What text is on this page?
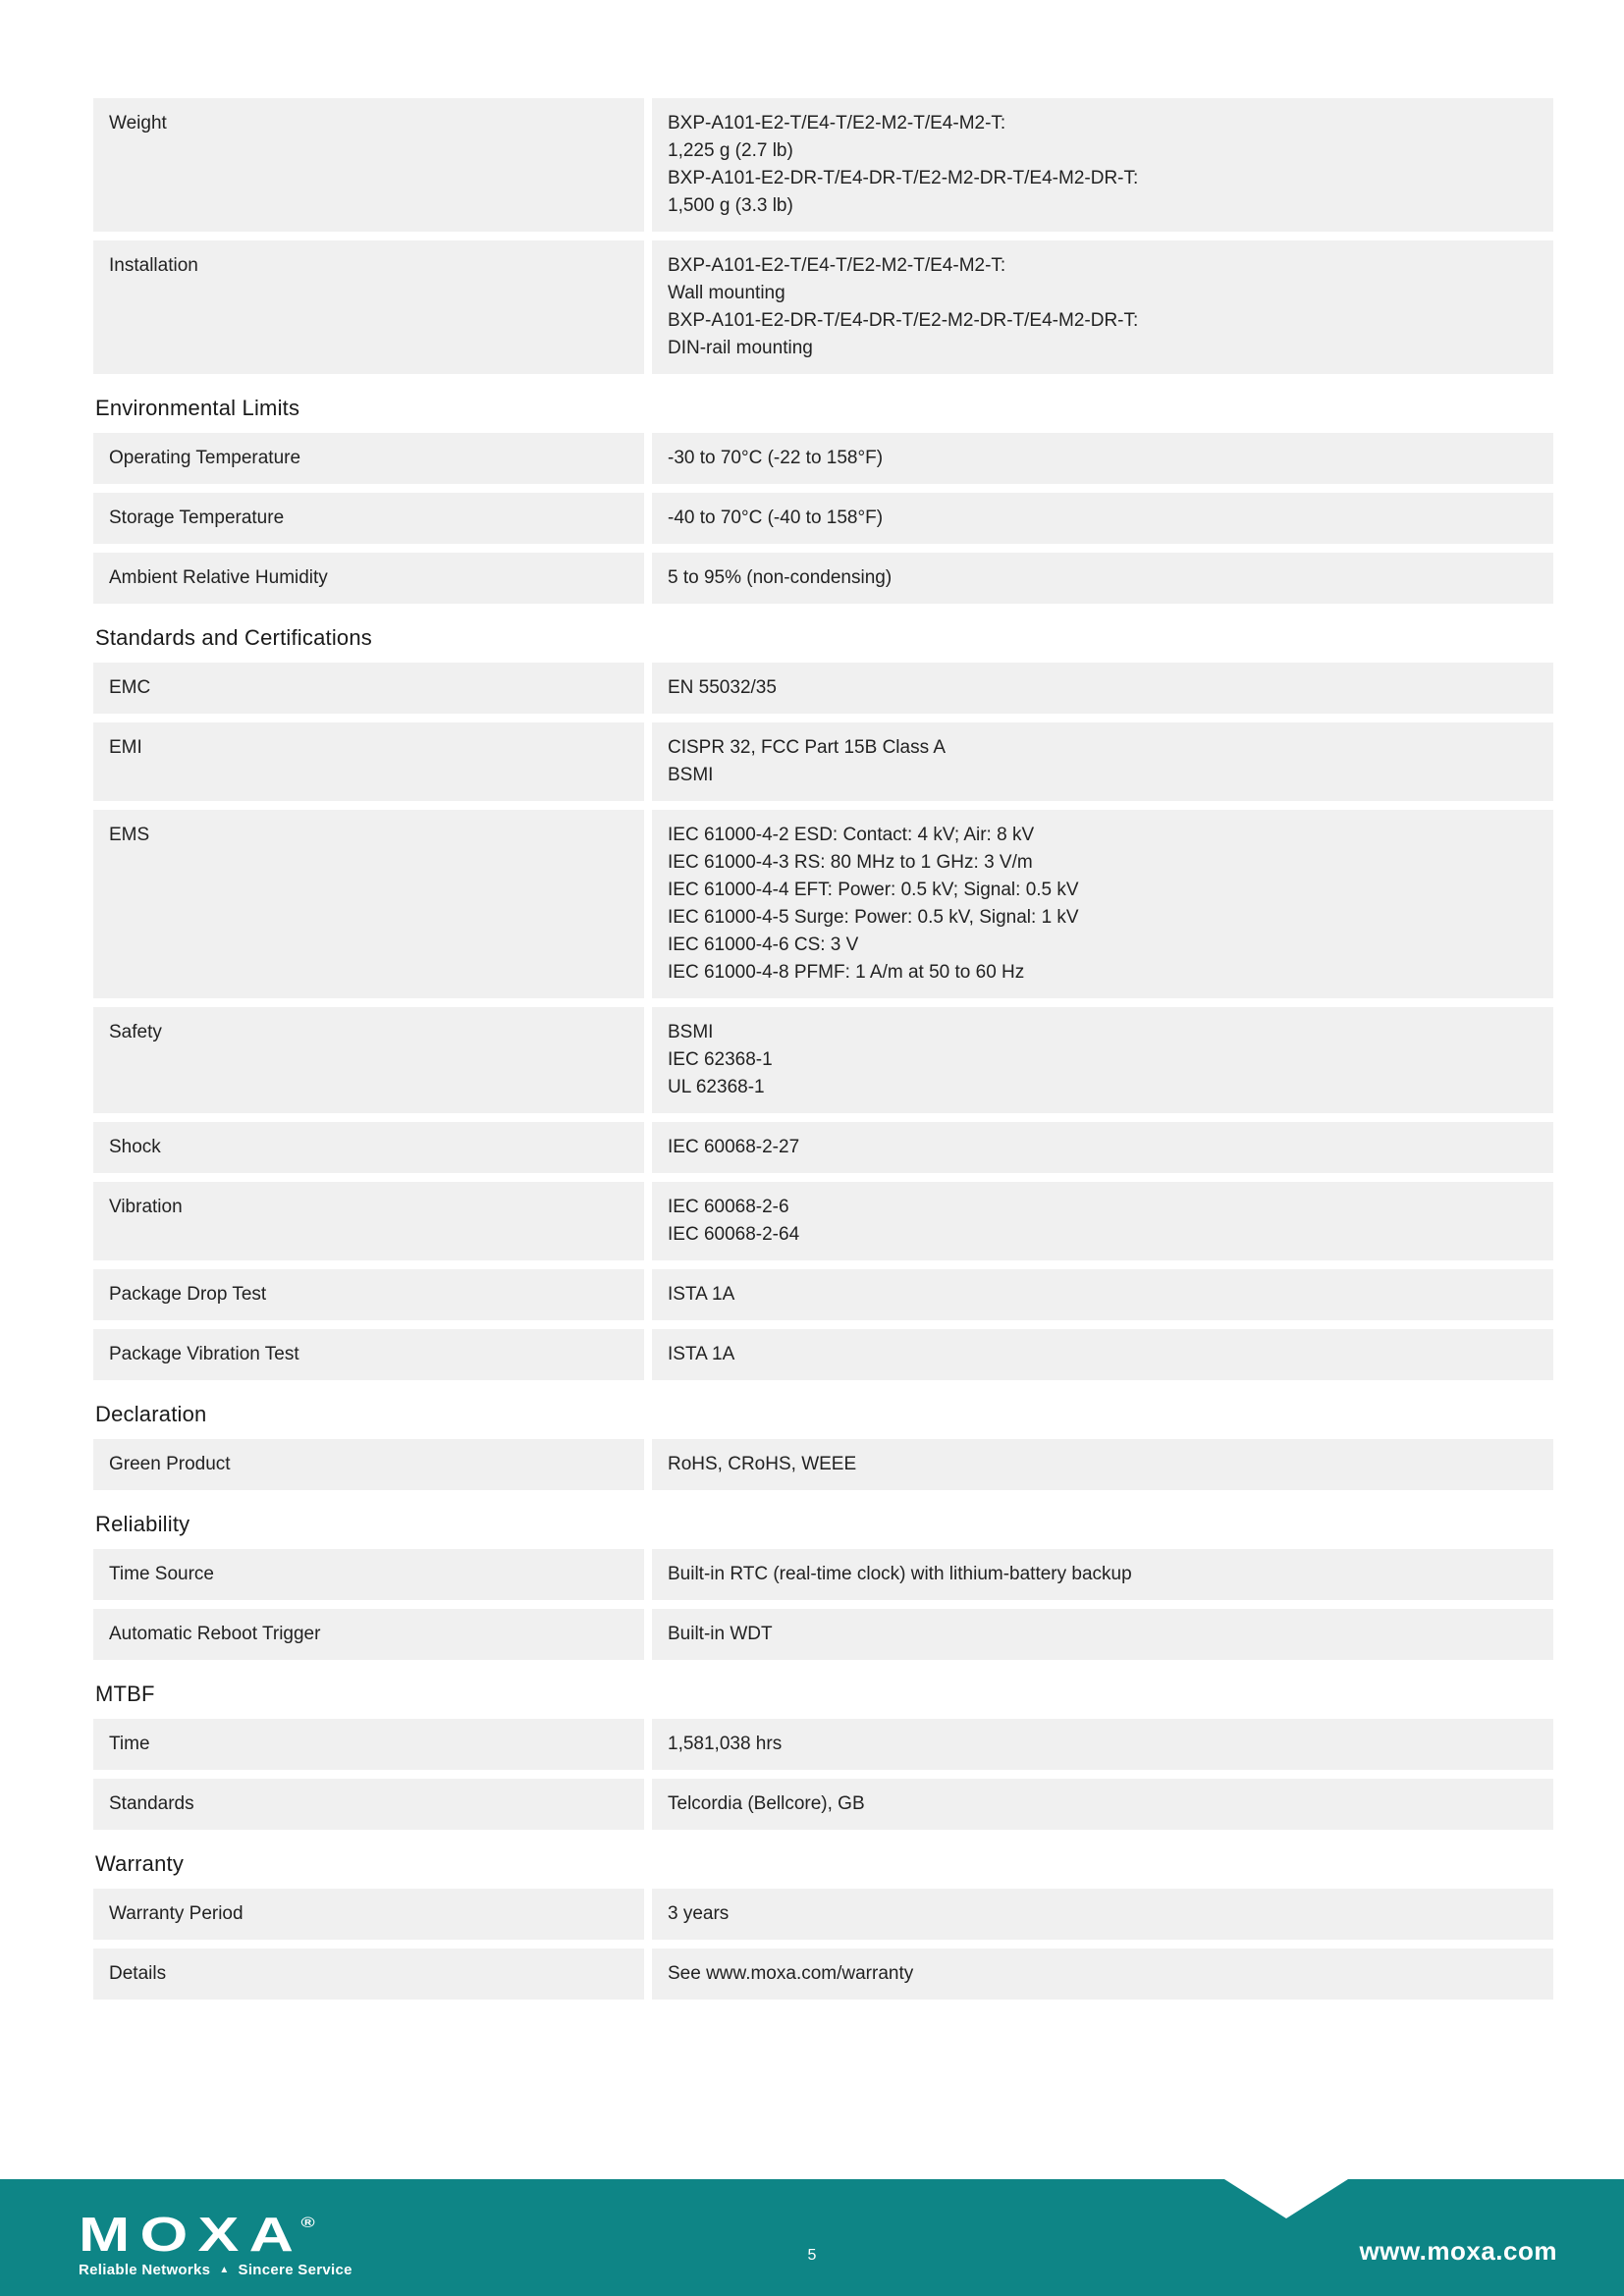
Weight	BXP-A101-E2-T/E4-T/E2-M2-T/E4-M2-T:
1,225 g (2.7 lb)
BXP-A101-E2-DR-T/E4-DR-T/E2-M2-DR-T/E4-M2-DR-T:
1,500 g (3.3 lb)
Installation	BXP-A101-E2-T/E4-T/E2-M2-T/E4-M2-T:
Wall mounting
BXP-A101-E2-DR-T/E4-DR-T/E2-M2-DR-T/E4-M2-DR-T:
DIN-rail mounting
Environmental Limits
Operating Temperature	-30 to 70°C (-22 to 158°F)
Storage Temperature	-40 to 70°C (-40 to 158°F)
Ambient Relative Humidity	5 to 95% (non-condensing)
Standards and Certifications
EMC	EN 55032/35
EMI	CISPR 32, FCC Part 15B Class A
BSMI
EMS	IEC 61000-4-2 ESD: Contact: 4 kV; Air: 8 kV
IEC 61000-4-3 RS: 80 MHz to 1 GHz: 3 V/m
IEC 61000-4-4 EFT: Power: 0.5 kV; Signal: 0.5 kV
IEC 61000-4-5 Surge: Power: 0.5 kV, Signal: 1 kV
IEC 61000-4-6 CS: 3 V
IEC 61000-4-8 PFMF: 1 A/m at 50 to 60 Hz
Safety	BSMI
IEC 62368-1
UL 62368-1
Shock	IEC 60068-2-27
Vibration	IEC 60068-2-6
IEC 60068-2-64
Package Drop Test	ISTA 1A
Package Vibration Test	ISTA 1A
Declaration
Green Product	RoHS, CRoHS, WEEE
Reliability
Time Source	Built-in RTC (real-time clock) with lithium-battery backup
Automatic Reboot Trigger	Built-in WDT
MTBF
Time	1,581,038 hrs
Standards	Telcordia (Bellcore), GB
Warranty
Warranty Period	3 years
Details	See www.moxa.com/warranty
MOXA®
Reliable Networks ▲ Sincere Service
5	www.moxa.com
